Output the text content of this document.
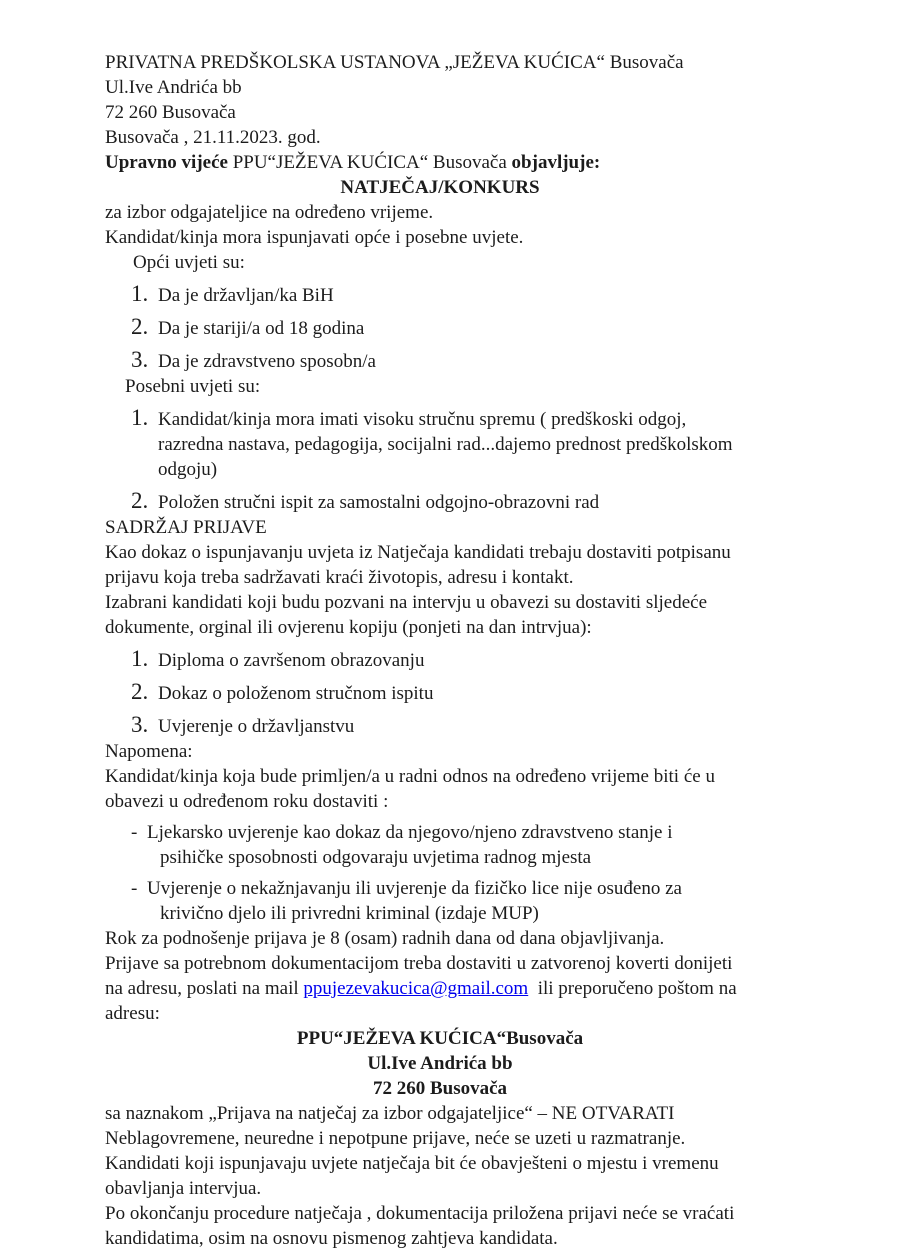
PRIVATNA PREDŠKOLSKA USTANOVA „JEŽEVA KUĆICA“ Busovača
Ul.Ive Andrića bb
72 260 Busovača
Busovača , 21.11.2023. god.
Upravno vijeće PPU“JEŽEVA KUĆICA“ Busovača objavljuje:
NATJEČAJ/KONKURS
za izbor odgajateljice na određeno vrijeme.
Kandidat/kinja mora ispunjavati opće i posebne uvjete.
Opći uvjeti su:
1. Da je državljan/ka BiH
2. Da je stariji/a od 18 godina
3. Da je zdravstveno sposobn/a
Posebni uvjeti su:
1. Kandidat/kinja mora imati visoku stručnu spremu ( predškoski odgoj,
razredna nastava, pedagogija, socijalni rad...dajemo prednost predškolskom
odgoju)
2. Položen stručni ispit za samostalni odgojno-obrazovni rad
SADRŽAJ PRIJAVE
Kao dokaz o ispunjavanju uvjeta iz Natječaja kandidati trebaju dostaviti potpisanu
prijavu koja treba sadržavati kraći životopis, adresu i kontakt.
Izabrani kandidati koji budu pozvani na intervju u obavezi su dostaviti sljedeće
dokumente, orginal ili ovjerenu kopiju (ponjeti na dan intrvjua):
1. Diploma o završenom obrazovanju
2. Dokaz o položenom stručnom ispitu
3. Uvjerenje o državljanstvu
Napomena:
Kandidat/kinja koja bude primljen/a u radni odnos na određeno vrijeme biti će u
obavezi u određenom roku dostaviti :
- Ljekarsko uvjerenje kao dokaz da njegovo/njeno zdravstveno stanje i
psihičke sposobnosti odgovaraju uvjetima radnog mjesta
- Uvjerenje o nekažnjavanju ili uvjerenje da fizičko lice nije osuđeno za
krivično djelo ili privredni kriminal (izdaje MUP)
Rok za podnošenje prijava je 8 (osam) radnih dana od dana objavljivanja.
Prijave sa potrebnom dokumentacijom treba dostaviti u zatvorenoj koverti donijeti
na adresu, poslati na mail ppujezevakucica@gmail.com  ili preporučeno poštom na
adresu:
PPU“JEŽEVA KUĆICA“Busovača
Ul.Ive Andrića bb
72 260 Busovača
sa naznakom „Prijava na natječaj za izbor odgajateljice“ – NE OTVARATI
Neblagovremene, neuredne i nepotpune prijave, neće se uzeti u razmatranje.
Kandidati koji ispunjavaju uvjete natječaja bit će obavješteni o mjestu i vremenu
obavljanja intervjua.
Po okončanju procedure natječaja , dokumentacija priložena prijavi neće se vraćati
kandidatima, osim na osnovu pismenog zahtjeva kandidata.
